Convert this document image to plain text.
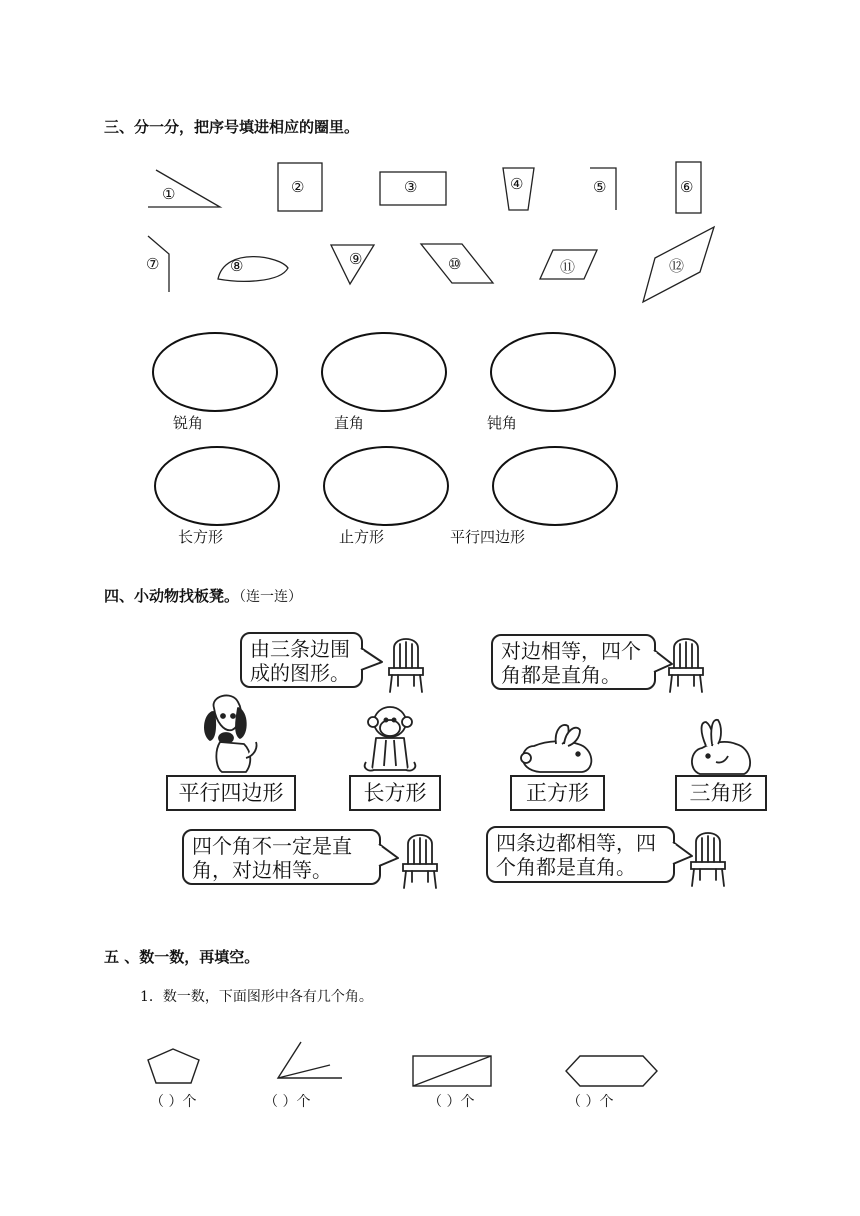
三、分一分，把序号填进相应的圈里。
①	②	③	④	⑤	⑥
⑦	⑧	⑨	⑩	⑪	⑫
锐角	直角	钝角
长方形	止方形	平行四边形
四、小动物找板凳。（连一连）
由三条边围成的图形。
对边相等，四个角都是直角。
四个角不一定是直角，对边相等。
四条边都相等，四个角都是直角。
平行四边形	长方形	正方形	三角形
五 、数一数，再填空。
1．数一数，下面图形中各有几个角。
（ ）个	（ ）个	（ ）个	（ ）个
